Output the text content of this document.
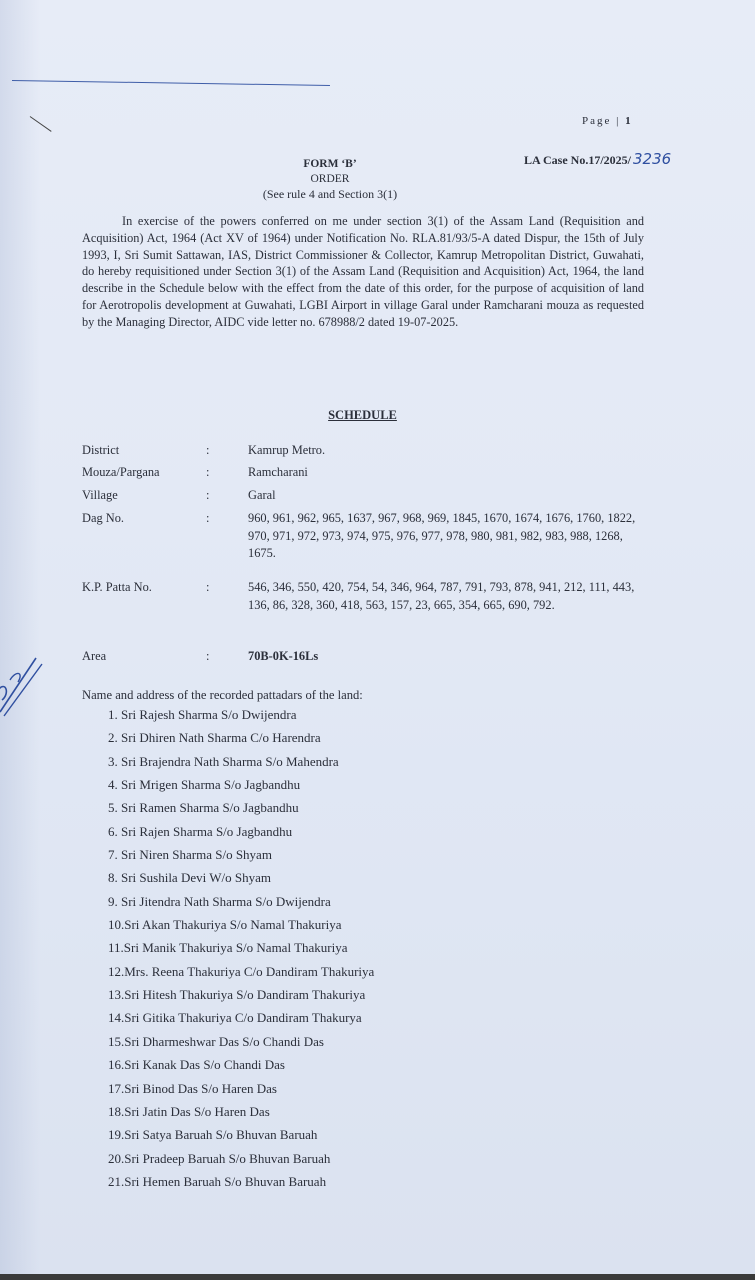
Page | 1
FORM ‘B’
ORDER
(See rule 4 and Section 3(1)
LA Case No.17/2025/ 3236
In exercise of the powers conferred on me under section 3(1) of the Assam Land (Requisition and Acquisition) Act, 1964 (Act XV of 1964) under Notification No. RLA.81/93/5-A dated Dispur, the 15th of July 1993, I, Sri Sumit Sattawan, IAS, District Commissioner & Collector, Kamrup Metropolitan District, Guwahati, do hereby requisitioned under Section 3(1) of the Assam Land (Requisition and Acquisition) Act, 1964, the land describe in the Schedule below with the effect from the date of this order, for the purpose of acquisition of land for Aerotropolis development at Guwahati, LGBI Airport in village Garal under Ramcharani mouza as requested by the Managing Director, AIDC vide letter no. 678988/2 dated 19-07-2025.
SCHEDULE
District	:	Kamrup Metro.
Mouza/Pargana	:	Ramcharani
Village	:	Garal
Dag No.	:	960, 961, 962, 965, 1637, 967, 968, 969, 1845, 1670, 1674, 1676, 1760, 1822, 970, 971, 972, 973, 974, 975, 976, 977, 978, 980, 981, 982, 983, 988, 1268, 1675.
K.P. Patta No.	:	546, 346, 550, 420, 754, 54, 346, 964, 787, 791, 793, 878, 941, 212, 111, 443, 136, 86, 328, 360, 418, 563, 157, 23, 665, 354, 665, 690, 792.
Area	:	70B-0K-16Ls
Name and address of the recorded pattadars of the land:
1. Sri Rajesh Sharma S/o Dwijendra
2. Sri Dhiren Nath Sharma C/o Harendra
3. Sri Brajendra Nath Sharma S/o Mahendra
4. Sri Mrigen Sharma S/o Jagbandhu
5. Sri Ramen Sharma S/o Jagbandhu
6. Sri Rajen Sharma S/o Jagbandhu
7. Sri Niren Sharma S/o Shyam
8. Sri Sushila Devi W/o Shyam
9. Sri Jitendra Nath Sharma S/o Dwijendra
10.Sri Akan Thakuriya S/o Namal Thakuriya
11.Sri Manik Thakuriya S/o Namal Thakuriya
12.Mrs. Reena Thakuriya C/o Dandiram Thakuriya
13.Sri Hitesh Thakuriya S/o Dandiram Thakuriya
14.Sri Gitika Thakuriya C/o Dandiram Thakurya
15.Sri Dharmeshwar Das S/o Chandi Das
16.Sri Kanak Das S/o Chandi Das
17.Sri Binod Das S/o Haren Das
18.Sri Jatin Das S/o Haren Das
19.Sri Satya Baruah S/o Bhuvan Baruah
20.Sri Pradeep Baruah S/o Bhuvan Baruah
21.Sri Hemen Baruah S/o Bhuvan Baruah
